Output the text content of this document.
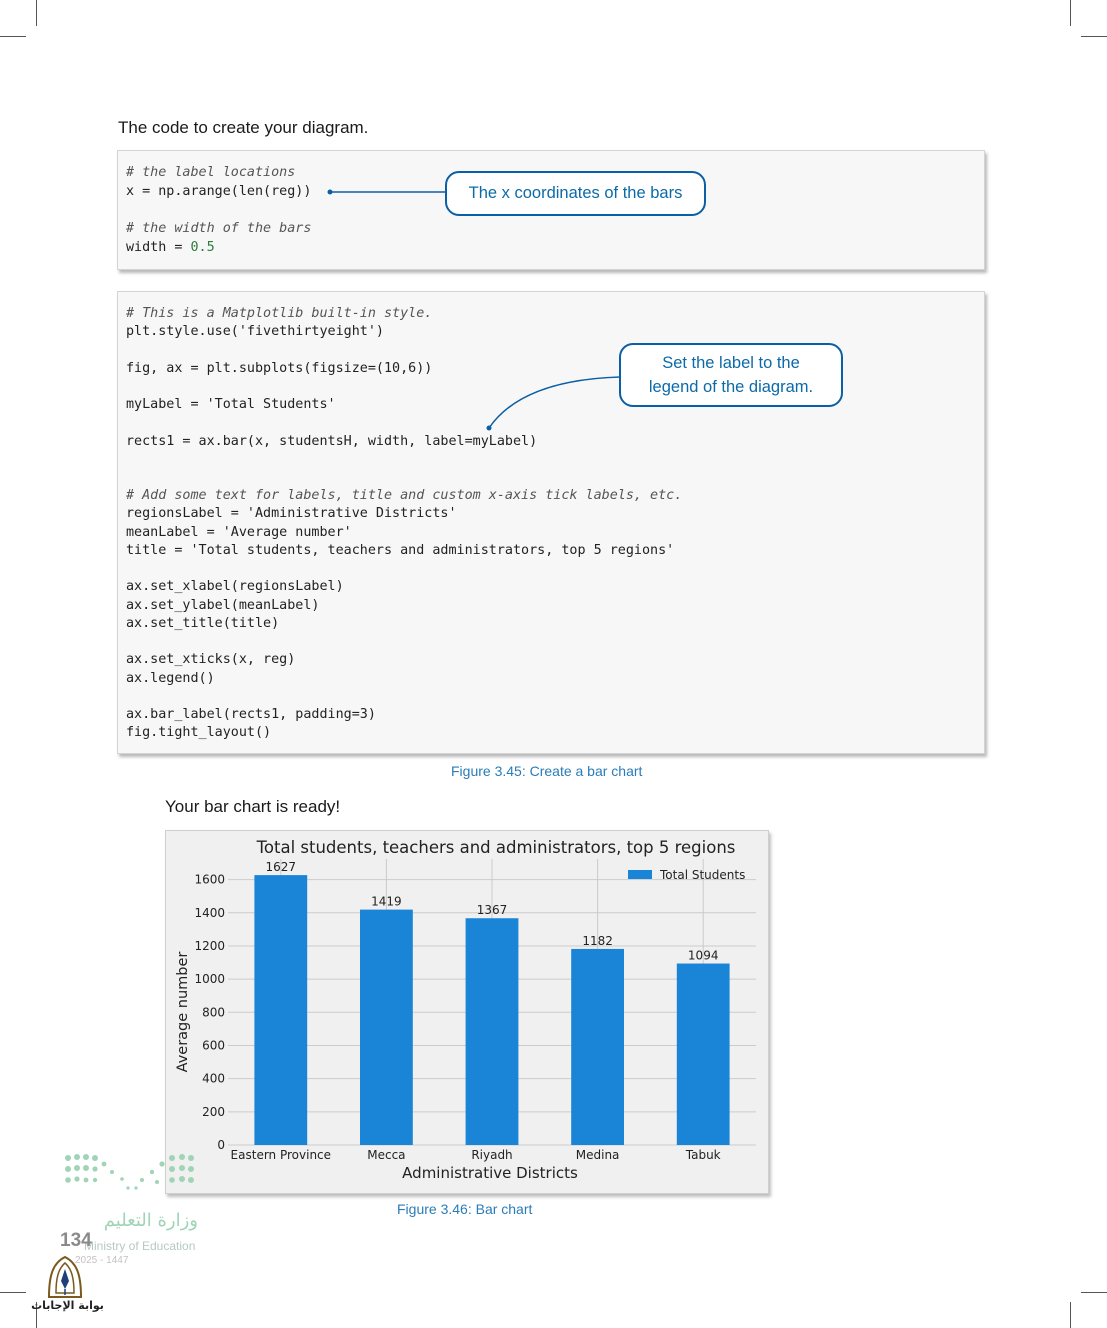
The code to create your diagram.
# the label locations
x = np.arange(len(reg))
# the width of the bars
width = 0.5
The x coordinates of the bars
# This is a Matplotlib built-in style.
plt.style.use('fivethirtyeight')
fig, ax = plt.subplots(figsize=(10,6))
myLabel = 'Total Students'
rects1 = ax.bar(x, studentsH, width, label=myLabel)
# Add some text for labels, title and custom x-axis tick labels, etc.
regionsLabel = 'Administrative Districts'
meanLabel = 'Average number'
title = 'Total students, teachers and administrators, top 5 regions'
ax.set_xlabel(regionsLabel)
ax.set_ylabel(meanLabel)
ax.set_title(title)
ax.set_xticks(x, reg)
ax.legend()
ax.bar_label(rects1, padding=3)
fig.tight_layout()
Set the label to the legend of the diagram.
Figure 3.45: Create a bar chart
Your bar chart is ready!
0
200
400
600
800
1000
1200
1400
1600
1627
Eastern Province
1419
Mecca
1367
Riyadh
1182
Medina
1094
Tabuk
Total students, teachers and administrators, top 5 regions
Administrative Districts
Average number
Total Students
Figure 3.46: Bar chart
وزارة التعليم
Ministry of Education
2025 - 1447
134
بوابة الإجابات
